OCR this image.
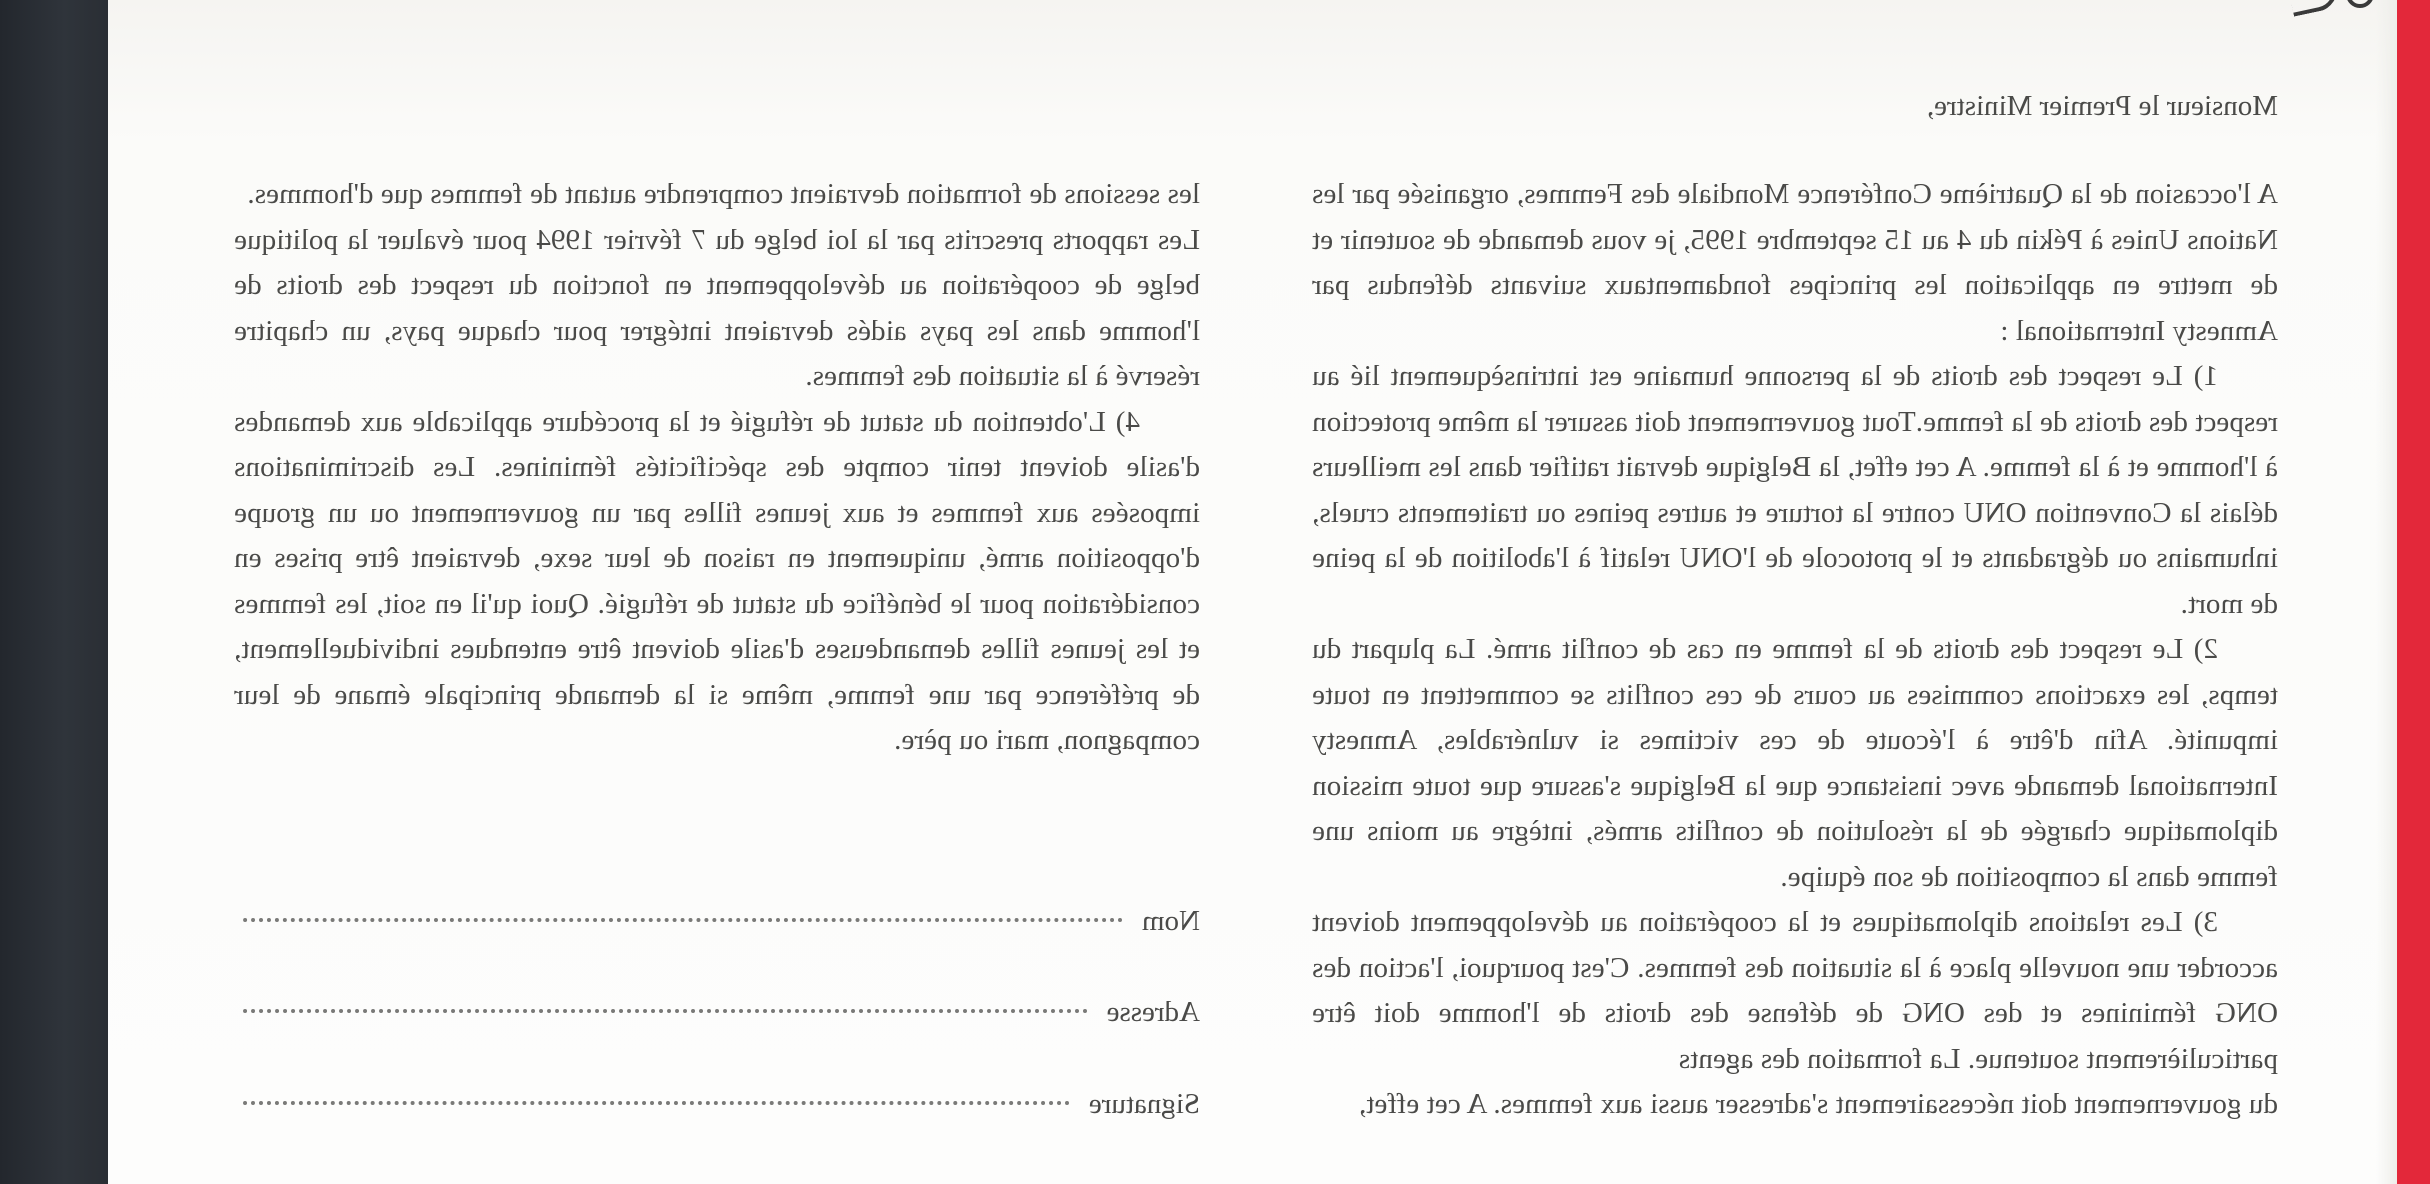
Monsieur le Premier Ministre,

A l'occasion de la Quatrième Conférence Mondiale des Femmes, organisée par les Nations Unies à Pékin du 4 au 15 septembre 1995, je vous demande de soutenir et de mettre en application les principes fondamentaux suivants défendus par Amnesty International :

1) Le respect des droits de la personne humaine est intrinsèquement lié au respect des droits de la femme.Tout gouvernement doit assurer la même protection à l'homme et à la femme. A cet effet, la Belgique devrait ratifier dans les meilleurs délais la Convention ONU contre la torture et autres peines ou traitements cruels, inhumains ou dégradants et le protocole de l'ONU relatif à l'abolition de la peine de mort.

2) Le respect des droits de la femme en cas de conflit armé. La plupart du temps, les exactions commises au cours de ces conflits se commettent en toute impunité. Afin d'être à l'écoute de ces victimes si vulnérables, Amnesty International demande avec insistance que la Belgique s'assure que toute mission diplomatique chargée de la résolution de conflits armés, intègre au moins une femme dans la composition de son équipe.

3) Les relations diplomatiques et la coopération au développement doivent accorder une nouvelle place à la situation des femmes. C'est pourquoi, l'action des ONG féminines et des ONG de défense des droits de l'homme doit être particulièrement soutenue. La formation des agents

du gouvernement doit nécessairement s'adresser aussi aux femmes. A cet effet,

les sessions de formation devraient comprendre autant de femmes que d'hommes.

Les rapports prescrits par la loi belge du 7 février 1994 pour évaluer la politique belge de coopération au développement en fonction du respect des droits de l'homme dans les pays aidés devraient intégrer pour chaque pays, un chapitre réservé à la situation des femmes.

4) L'obtention du statut de réfugié et la procédure applicable aux demandes d'asile doivent tenir compte des spécificités féminines. Les discriminations imposées aux femmes et aux jeunes filles par un gouvernement ou un groupe d'opposition armé, uniquement en raison de leur sexe, devraient être prises en considération pour le bénéfice du statut de réfugié. Quoi qu'il en soit, les femmes et les jeunes filles demandeuses d'asile doivent être entendues individuellement, de préférence par une femme, même si la demande principale émane de leur compagnon, mari ou père.

Nom
Adresse
Signature
